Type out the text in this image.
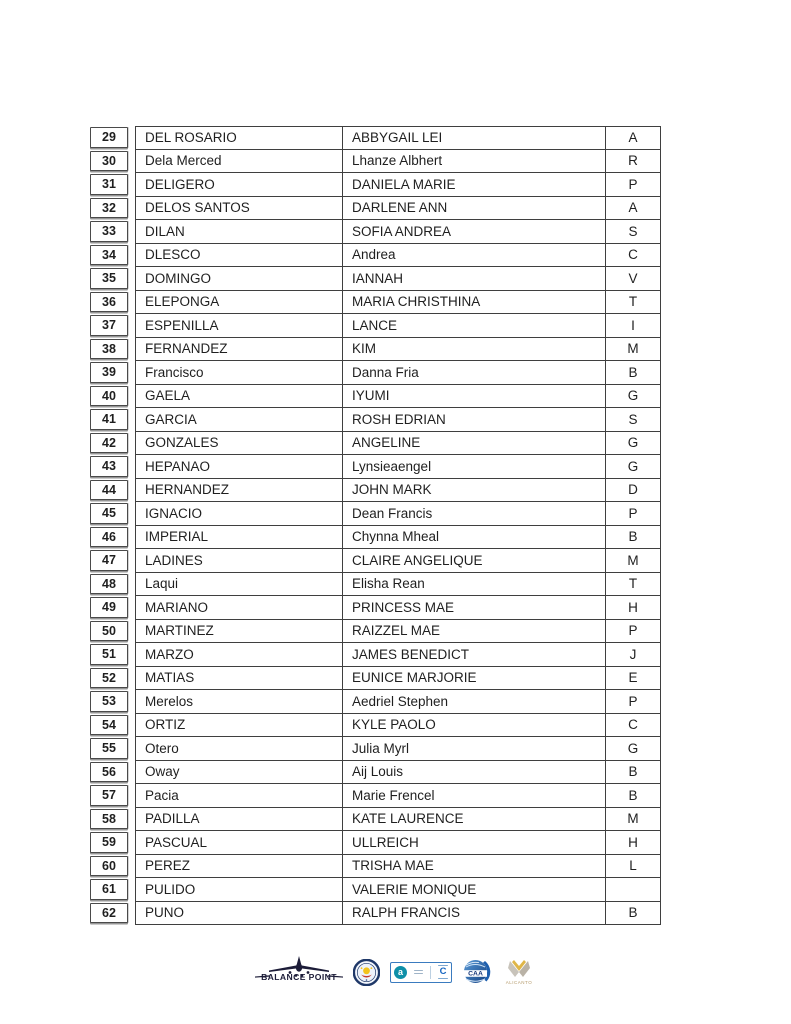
29	DEL ROSARIO	ABBYGAIL LEI	A
30	Dela Merced	Lhanze Albhert	R
31	DELIGERO	DANIELA MARIE	P
32	DELOS SANTOS	DARLENE ANN	A
33	DILAN	SOFIA ANDREA	S
34	DLESCO	Andrea	C
35	DOMINGO	IANNAH	V
36	ELEPONGA	MARIA CHRISTHINA	T
37	ESPENILLA	LANCE	I
38	FERNANDEZ	KIM	M
39	Francisco	Danna Fria	B
40	GAELA	IYUMI	G
41	GARCIA	ROSH EDRIAN	S
42	GONZALES	ANGELINE	G
43	HEPANAO	Lynsieaengel	G
44	HERNANDEZ	JOHN MARK	D
45	IGNACIO	Dean Francis	P
46	IMPERIAL	Chynna Mheal	B
47	LADINES	CLAIRE ANGELIQUE	M
48	Laqui	Elisha Rean	T
49	MARIANO	PRINCESS MAE	H
50	MARTINEZ	RAIZZEL MAE	P
51	MARZO	JAMES BENEDICT	J
52	MATIAS	EUNICE MARJORIE	E
53	Merelos	Aedriel Stephen	P
54	ORTIZ	KYLE PAOLO	C
55	Otero	Julia Myrl	G
56	Oway	Aij Louis	B
57	Pacia	Marie Frencel	B
58	PADILLA	KATE LAURENCE	M
59	PASCUAL	ULLREICH	H
60	PEREZ	TRISHA MAE	L
61	PULIDO	VALERIE MONIQUE
62	PUNO	RALPH FRANCIS	B
BALANCE POINT
a	C	CAA
ALICANTO
